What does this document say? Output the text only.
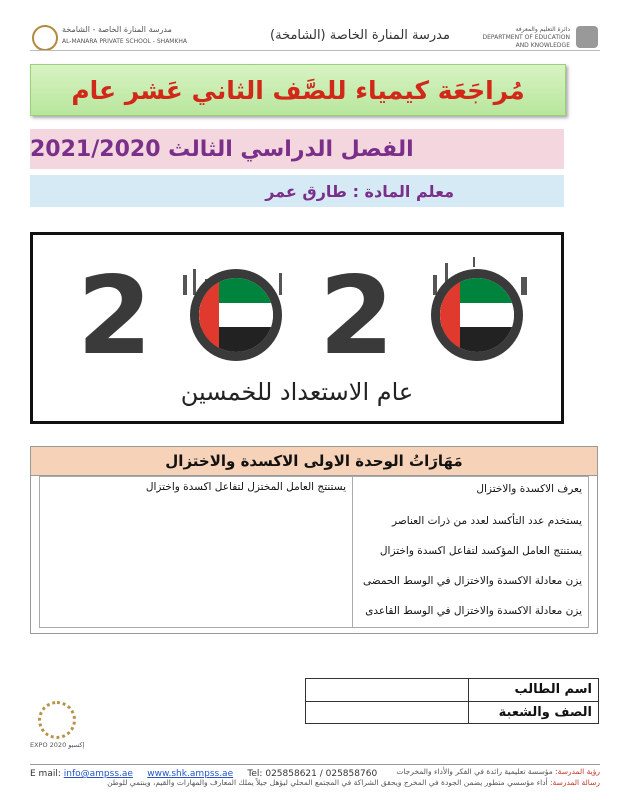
مدرسة المنارة الخاصة - الشامخة
AL-MANARA PRIVATE SCHOOL - SHAMKHA	مدرسة المنارة الخاصة (الشامخة)	دائرة التعليم والمعرفة
DEPARTMENT OF EDUCATION
AND KNOWLEDGE
مُراجَعَة كيمياء للصَّف الثاني عَشر عام
الفصل الدراسي الثالث 2021/2020
معلم المادة : طارق عمر
2 2
عام الاستعداد للخمسين
مَهَارَاتُ الوحدة الاولى الاكسدة والاختزال
يعرف الاكسدة والاختزال
يستخدم عدد التأكسد لعدد من ذرات العناصر
يستنتج العامل المؤكسد لتفاعل اكسدة واختزال
يزن معادلة الاكسدة والاختزال في الوسط الحمضى
يزن معادلة الاكسدة والاختزال في الوسط القاعدى
يستنتج العامل المختزل لتفاعل اكسدة واختزال
اسم الطالب
الصف والشعبة
EXPO 2020 إكسبو
E mail: info@ampss.ae www.shk.ampss.ae Tel: 025858621 / 025858760	رؤية المدرسة: مؤسسة تعليمية رائدة في الفكر والأداء والمخرجات
رسالة المدرسة: أداء مؤسسي متطور يضمن الجودة في المخرج ويحقق الشراكة في المجتمع المحلي ليؤهل جيلاً يملك المعارف والمهارات والقيم، وينتمي للوطن
